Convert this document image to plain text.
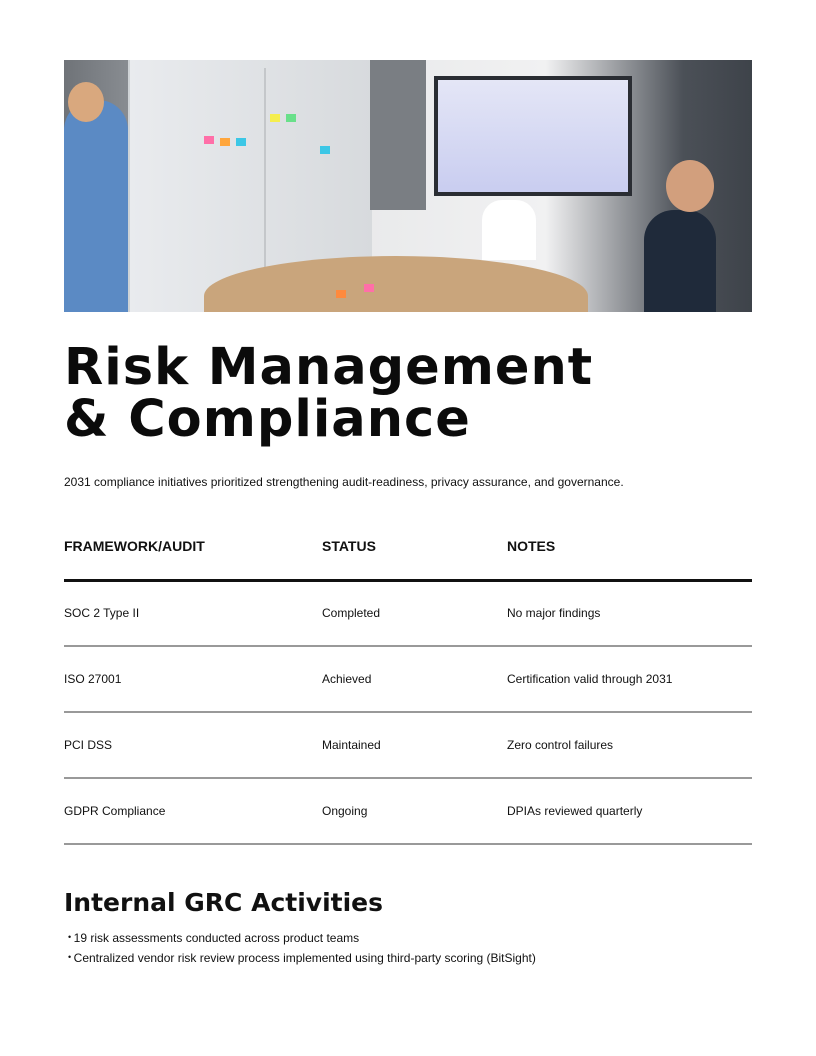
Risk Management
& Compliance

2031 compliance initiatives prioritized strengthening audit-readiness, privacy assurance, and governance.

FRAMEWORK/AUDIT	STATUS	NOTES
SOC 2 Type II	Completed	No major findings
ISO 27001	Achieved	Certification valid through 2031
PCI DSS	Maintained	Zero control failures
GDPR Compliance	Ongoing	DPIAs reviewed quarterly
Internal GRC Activities
• 19 risk assessments conducted across product teams
• Centralized vendor risk review process implemented using third-party scoring (BitSight)
